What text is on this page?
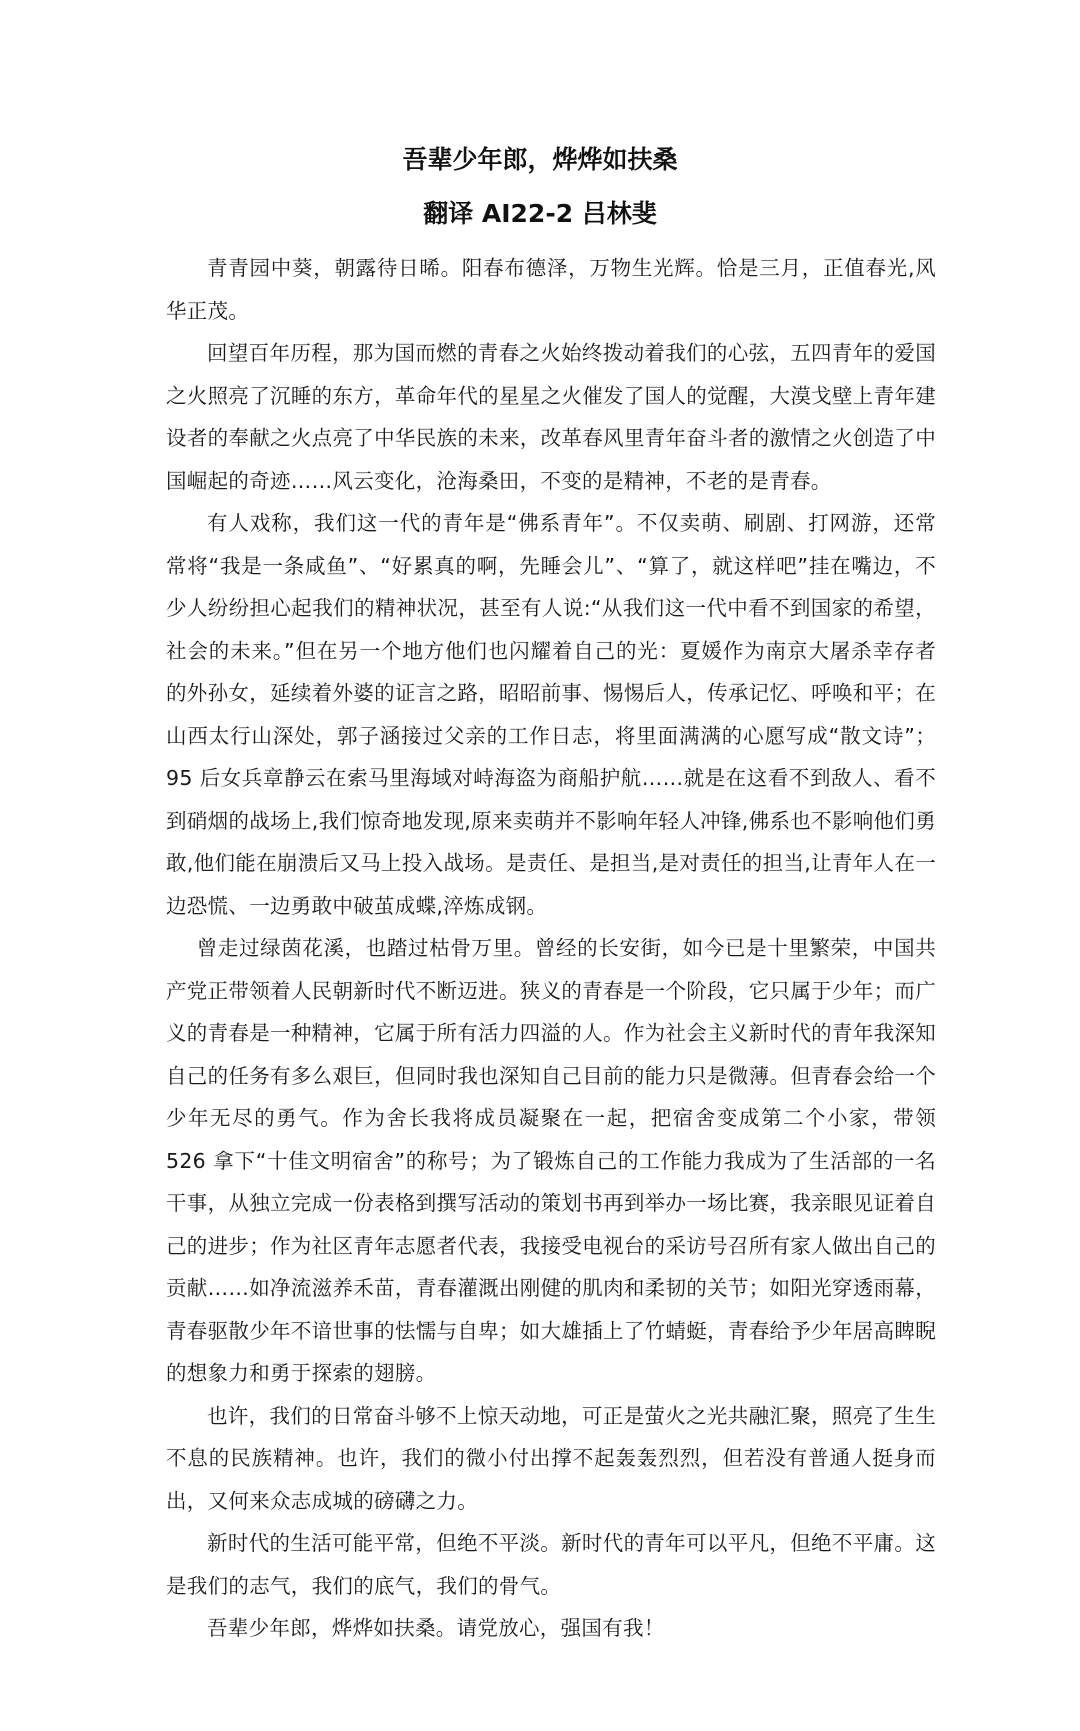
吾辈少年郎，烨烨如扶桑
翻译 AI22-2 吕林斐

青青园中葵，朝露待日晞。阳春布德泽，万物生光辉。恰是三月，正值春光,风华正茂。

回望百年历程，那为国而燃的青春之火始终拨动着我们的心弦，五四青年的爱国之火照亮了沉睡的东方，革命年代的星星之火催发了国人的觉醒，大漠戈壁上青年建设者的奉献之火点亮了中华民族的未来，改革春风里青年奋斗者的激情之火创造了中国崛起的奇迹……风云变化，沧海桑田，不变的是精神，不老的是青春。

有人戏称，我们这一代的青年是“佛系青年”。不仅卖萌、刷剧、打网游，还常常将“我是一条咸鱼”、“好累真的啊，先睡会儿”、“算了，就这样吧”挂在嘴边，不少人纷纷担心起我们的精神状况，甚至有人说:“从我们这一代中看不到国家的希望，社会的未来。”但在另一个地方他们也闪耀着自己的光：夏媛作为南京大屠杀幸存者的外孙女，延续着外婆的证言之路，昭昭前事、惕惕后人，传承记忆、呼唤和平；在山西太行山深处，郭子涵接过父亲的工作日志，将里面满满的心愿写成“散文诗”；95 后女兵章静云在索马里海域对峙海盗为商船护航……就是在这看不到敌人、看不到硝烟的战场上,我们惊奇地发现,原来卖萌并不影响年轻人冲锋,佛系也不影响他们勇敢,他们能在崩溃后又马上投入战场。是责任、是担当,是对责任的担当,让青年人在一边恐慌、一边勇敢中破茧成蝶,淬炼成钢。

曾走过绿茵花溪，也踏过枯骨万里。曾经的长安街，如今已是十里繁荣，中国共产党正带领着人民朝新时代不断迈进。狭义的青春是一个阶段，它只属于少年；而广义的青春是一种精神，它属于所有活力四溢的人。作为社会主义新时代的青年我深知自己的任务有多么艰巨，但同时我也深知自己目前的能力只是微薄。但青春会给一个少年无尽的勇气。作为舍长我将成员凝聚在一起，把宿舍变成第二个小家，带领 526 拿下“十佳文明宿舍”的称号；为了锻炼自己的工作能力我成为了生活部的一名干事，从独立完成一份表格到撰写活动的策划书再到举办一场比赛，我亲眼见证着自己的进步；作为社区青年志愿者代表，我接受电视台的采访号召所有家人做出自己的贡献……如净流滋养禾苗，青春灌溉出刚健的肌肉和柔韧的关节；如阳光穿透雨幕，青春驱散少年不谙世事的怯懦与自卑；如大雄插上了竹蜻蜓，青春给予少年居高睥睨的想象力和勇于探索的翅膀。

也许，我们的日常奋斗够不上惊天动地，可正是萤火之光共融汇聚，照亮了生生不息的民族精神。也许，我们的微小付出撑不起轰轰烈烈，但若没有普通人挺身而出，又何来众志成城的磅礴之力。

新时代的生活可能平常，但绝不平淡。新时代的青年可以平凡，但绝不平庸。这是我们的志气，我们的底气，我们的骨气。

吾辈少年郎，烨烨如扶桑。请党放心，强国有我！
